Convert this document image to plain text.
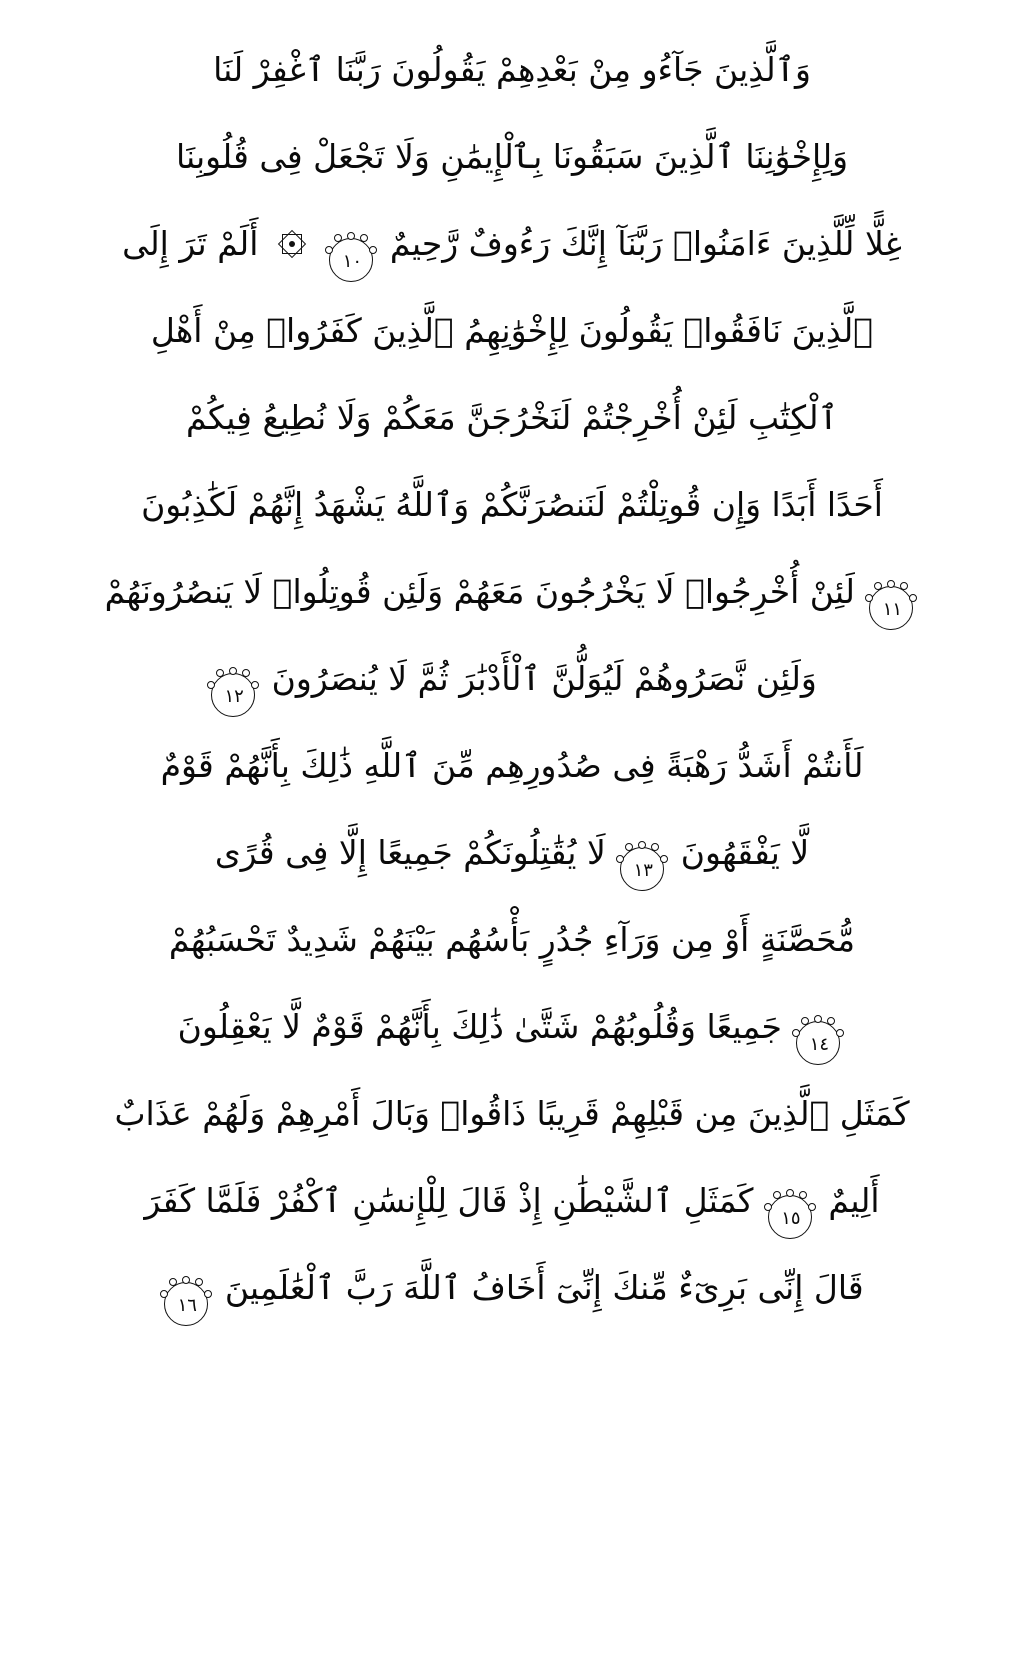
وَٱلَّذِينَ جَآءُو مِنْ بَعْدِهِمْ يَقُولُونَ رَبَّنَا ٱغْفِرْ لَنَا
وَلِإِخْوَٰنِنَا ٱلَّذِينَ سَبَقُونَا بِٱلْإِيمَٰنِ وَلَا تَجْعَلْ فِى قُلُوبِنَا
غِلًّا لِّلَّذِينَ ءَامَنُوا۟ رَبَّنَآ إِنَّكَ رَءُوفٌ رَّحِيمٌ
١٠
أَلَمْ تَرَ إِلَى
ٱلَّذِينَ نَافَقُوا۟ يَقُولُونَ لِإِخْوَٰنِهِمُ ٱلَّذِينَ كَفَرُوا۟ مِنْ أَهْلِ
ٱلْكِتَٰبِ لَئِنْ أُخْرِجْتُمْ لَنَخْرُجَنَّ مَعَكُمْ وَلَا نُطِيعُ فِيكُمْ
أَحَدًا أَبَدًا وَإِن قُوتِلْتُمْ لَنَنصُرَنَّكُمْ وَٱللَّهُ يَشْهَدُ إِنَّهُمْ لَكَٰذِبُونَ
١١ لَئِنْ أُخْرِجُوا۟ لَا يَخْرُجُونَ مَعَهُمْ وَلَئِن قُوتِلُوا۟ لَا يَنصُرُونَهُمْ
وَلَئِن نَّصَرُوهُمْ لَيُوَلُّنَّ ٱلْأَدْبَٰرَ ثُمَّ لَا يُنصَرُونَ
١٢
لَأَنتُمْ أَشَدُّ رَهْبَةً فِى صُدُورِهِم مِّنَ ٱللَّهِ ذَٰلِكَ بِأَنَّهُمْ قَوْمٌ
لَّا يَفْقَهُونَ
١٣ لَا يُقَٰتِلُونَكُمْ جَمِيعًا إِلَّا فِى قُرًى
مُّحَصَّنَةٍ أَوْ مِن وَرَآءِ جُدُرٍ بَأْسُهُم بَيْنَهُمْ شَدِيدٌ تَحْسَبُهُمْ
١٤ جَمِيعًا وَقُلُوبُهُمْ شَتَّىٰ ذَٰلِكَ بِأَنَّهُمْ قَوْمٌ لَّا يَعْقِلُونَ
كَمَثَلِ ٱلَّذِينَ مِن قَبْلِهِمْ قَرِيبًا ذَاقُوا۟ وَبَالَ أَمْرِهِمْ وَلَهُمْ عَذَابٌ
أَلِيمٌ
١٥ كَمَثَلِ ٱلشَّيْطَٰنِ إِذْ قَالَ لِلْإِنسَٰنِ ٱكْفُرْ فَلَمَّا كَفَرَ
قَالَ إِنِّى بَرِىٓءٌ مِّنكَ إِنِّىٓ أَخَافُ ٱللَّهَ رَبَّ ٱلْعَٰلَمِينَ
١٦
